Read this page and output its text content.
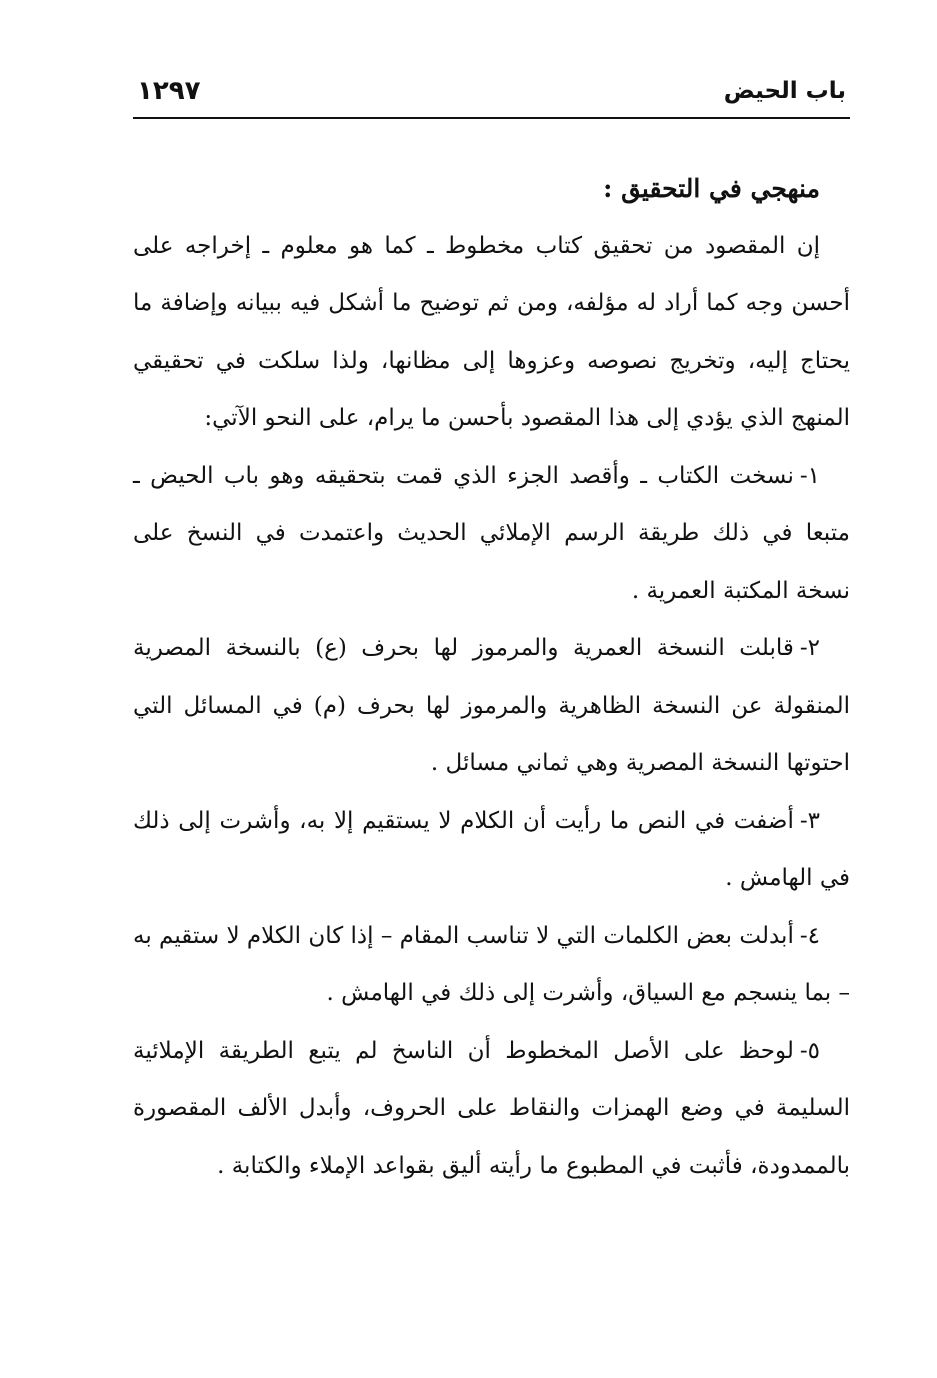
باب الحيض
١٢٩٧
منهجي في التحقيق :

إن المقصود من تحقيق كتاب مخطوط ـ كما هو معلوم ـ إخراجه على أحسن وجه كما أراد له مؤلفه، ومن ثم توضيح ما أشكل فيه ببيانه وإضافة ما يحتاج إليه، وتخريج نصوصه وعزوها إلى مظانها، ولذا سلكت في تحقيقي المنهج الذي يؤدي إلى هذا المقصود بأحسن ما يرام، على النحو الآتي:

١-نسخت الكتاب ـ وأقصد الجزء الذي قمت بتحقيقه وهو باب الحيض ـ متبعا في ذلك طريقة الرسم الإملائي الحديث واعتمدت في النسخ على نسخة المكتبة العمرية .

٢-قابلت النسخة العمرية والمرموز لها بحرف (ع) بالنسخة المصرية المنقولة عن النسخة الظاهرية والمرموز لها بحرف (م) في المسائل التي احتوتها النسخة المصرية وهي ثماني مسائل .

٣-أضفت في النص ما رأيت أن الكلام لا يستقيم إلا به، وأشرت إلى ذلك في الهامش .

٤-أبدلت بعض الكلمات التي لا تناسب المقام – إذا كان الكلام لا ستقيم به – بما ينسجم مع السياق، وأشرت إلى ذلك في الهامش .

٥-لوحظ على الأصل المخطوط أن الناسخ لم يتبع الطريقة الإملائية السليمة في وضع الهمزات والنقاط على الحروف، وأبدل الألف المقصورة بالممدودة، فأثبت في المطبوع ما رأيته أليق بقواعد الإملاء والكتابة .
